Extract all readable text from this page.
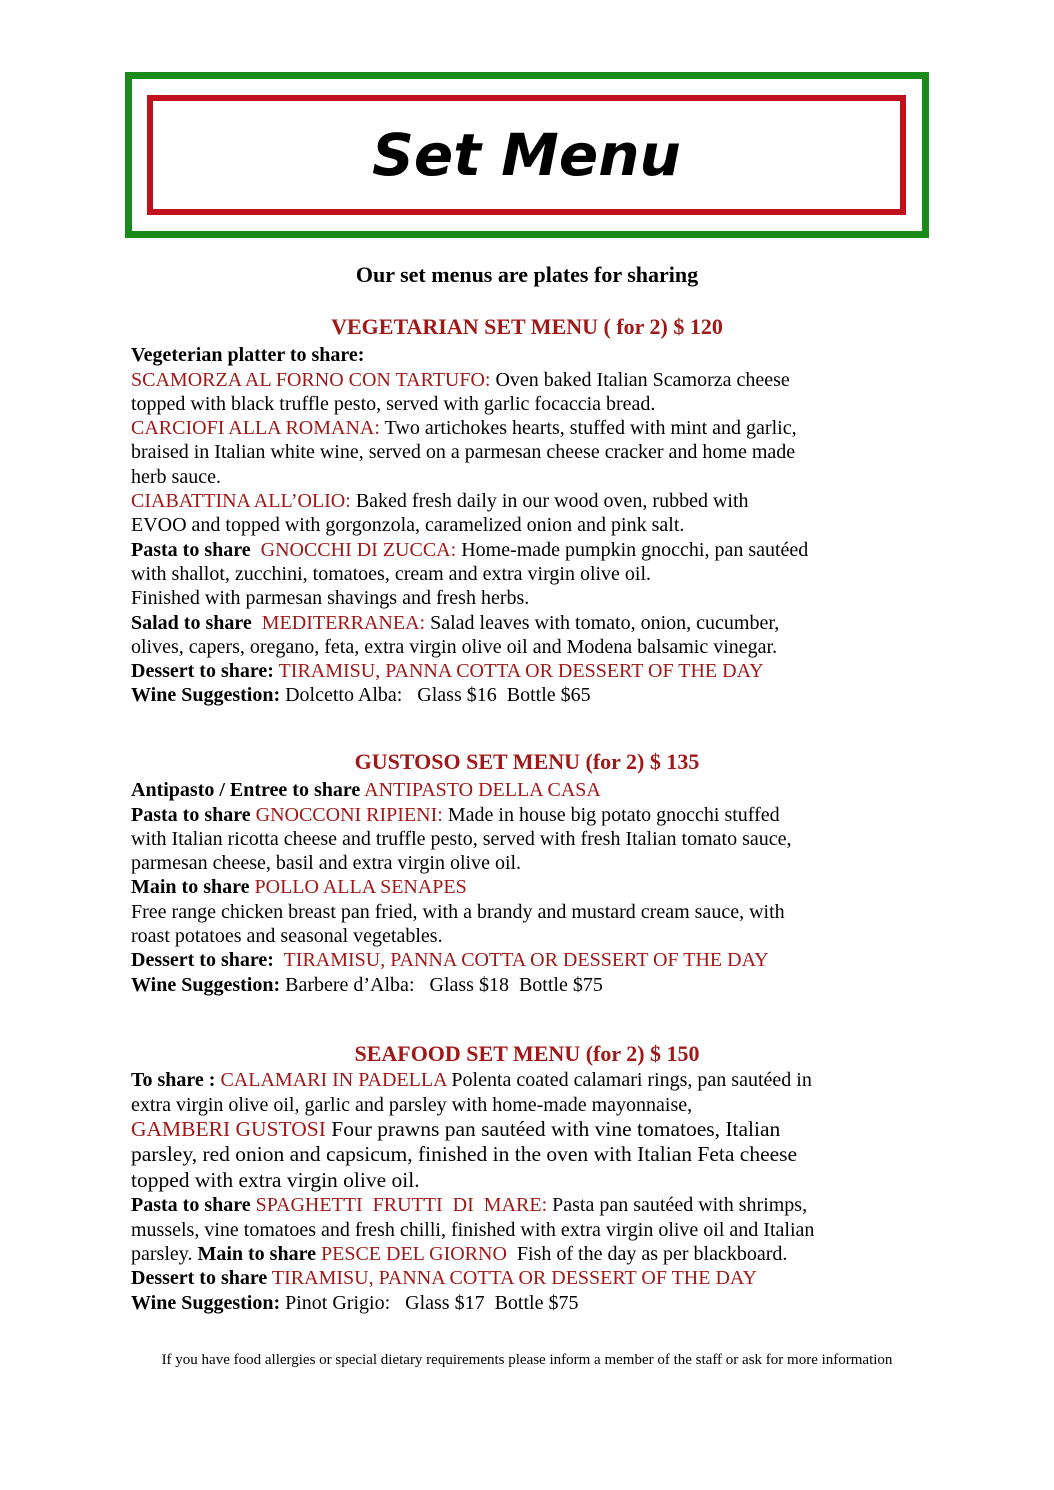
Set Menu
Our set menus are plates for sharing
VEGETARIAN SET MENU ( for 2) $ 120
Vegeterian platter to share:
SCAMORZA AL FORNO CON TARTUFO: Oven baked Italian Scamorza cheese
topped with black truffle pesto, served with garlic focaccia bread.
CARCIOFI ALLA ROMANA: Two artichokes hearts, stuffed with mint and garlic,
braised in Italian white wine, served on a parmesan cheese cracker and home made
herb sauce.
CIABATTINA ALL’OLIO: Baked fresh daily in our wood oven, rubbed with
EVOO and topped with gorgonzola, caramelized onion and pink salt.
Pasta to share  GNOCCHI DI ZUCCA: Home-made pumpkin gnocchi, pan sautéed
with shallot, zucchini, tomatoes, cream and extra virgin olive oil.
Finished with parmesan shavings and fresh herbs.
Salad to share  MEDITERRANEA: Salad leaves with tomato, onion, cucumber,
olives, capers, oregano, feta, extra virgin olive oil and Modena balsamic vinegar.
Dessert to share: TIRAMISU, PANNA COTTA OR DESSERT OF THE DAY
Wine Suggestion: Dolcetto Alba:   Glass $16  Bottle $65
GUSTOSO SET MENU (for 2) $ 135
Antipasto / Entree to share ANTIPASTO DELLA CASA
Pasta to share GNOCCONI RIPIENI: Made in house big potato gnocchi stuffed
with Italian ricotta cheese and truffle pesto, served with fresh Italian tomato sauce,
parmesan cheese, basil and extra virgin olive oil.
Main to share POLLO ALLA SENAPES
Free range chicken breast pan fried, with a brandy and mustard cream sauce, with
roast potatoes and seasonal vegetables.
Dessert to share:  TIRAMISU, PANNA COTTA OR DESSERT OF THE DAY
Wine Suggestion: Barbere d’Alba:   Glass $18  Bottle $75
SEAFOOD SET MENU (for 2) $ 150
To share : CALAMARI IN PADELLA Polenta coated calamari rings, pan sautéed in
extra virgin olive oil, garlic and parsley with home-made mayonnaise,
GAMBERI GUSTOSI Four prawns pan sautéed with vine tomatoes, Italian
parsley, red onion and capsicum, finished in the oven with Italian Feta cheese
topped with extra virgin olive oil.
Pasta to share SPAGHETTI  FRUTTI  DI  MARE: Pasta pan sautéed with shrimps,
mussels, vine tomatoes and fresh chilli, finished with extra virgin olive oil and Italian
parsley. Main to share PESCE DEL GIORNO  Fish of the day as per blackboard.
Dessert to share TIRAMISU, PANNA COTTA OR DESSERT OF THE DAY
Wine Suggestion: Pinot Grigio:   Glass $17  Bottle $75
If you have food allergies or special dietary requirements please inform a member of the staff or ask for more information
